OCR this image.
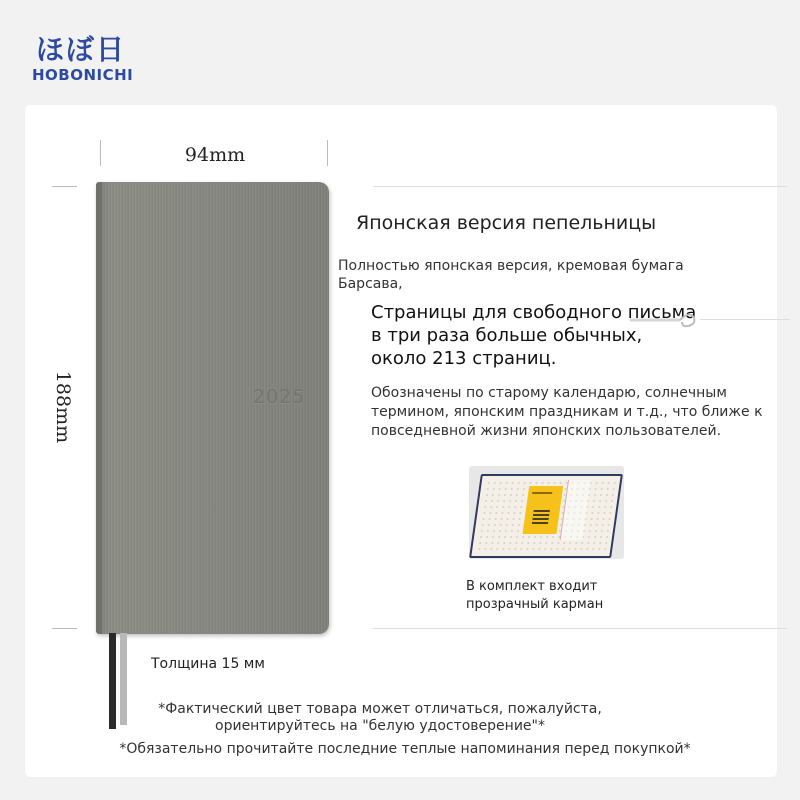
ほぼ日
HOBONICHI
94mm
188mm	2025
Японская версия пепельницы
Полностью японская версия, кремовая бумага Барсава,
Страницы для свободного письма в три раза больше обычных, около 213 страниц.
Обозначены по старому календарю, солнечным термином, японским праздникам и т.д., что ближе к повседневной жизни японских пользователей.
В комплект входит
прозрачный карман
Толщина 15 мм
*Фактический цвет товара может отличаться, пожалуйста, ориентируйтесь на "белую удостоверение"*
*Обязательно прочитайте последние теплые напоминания перед покупкой*
